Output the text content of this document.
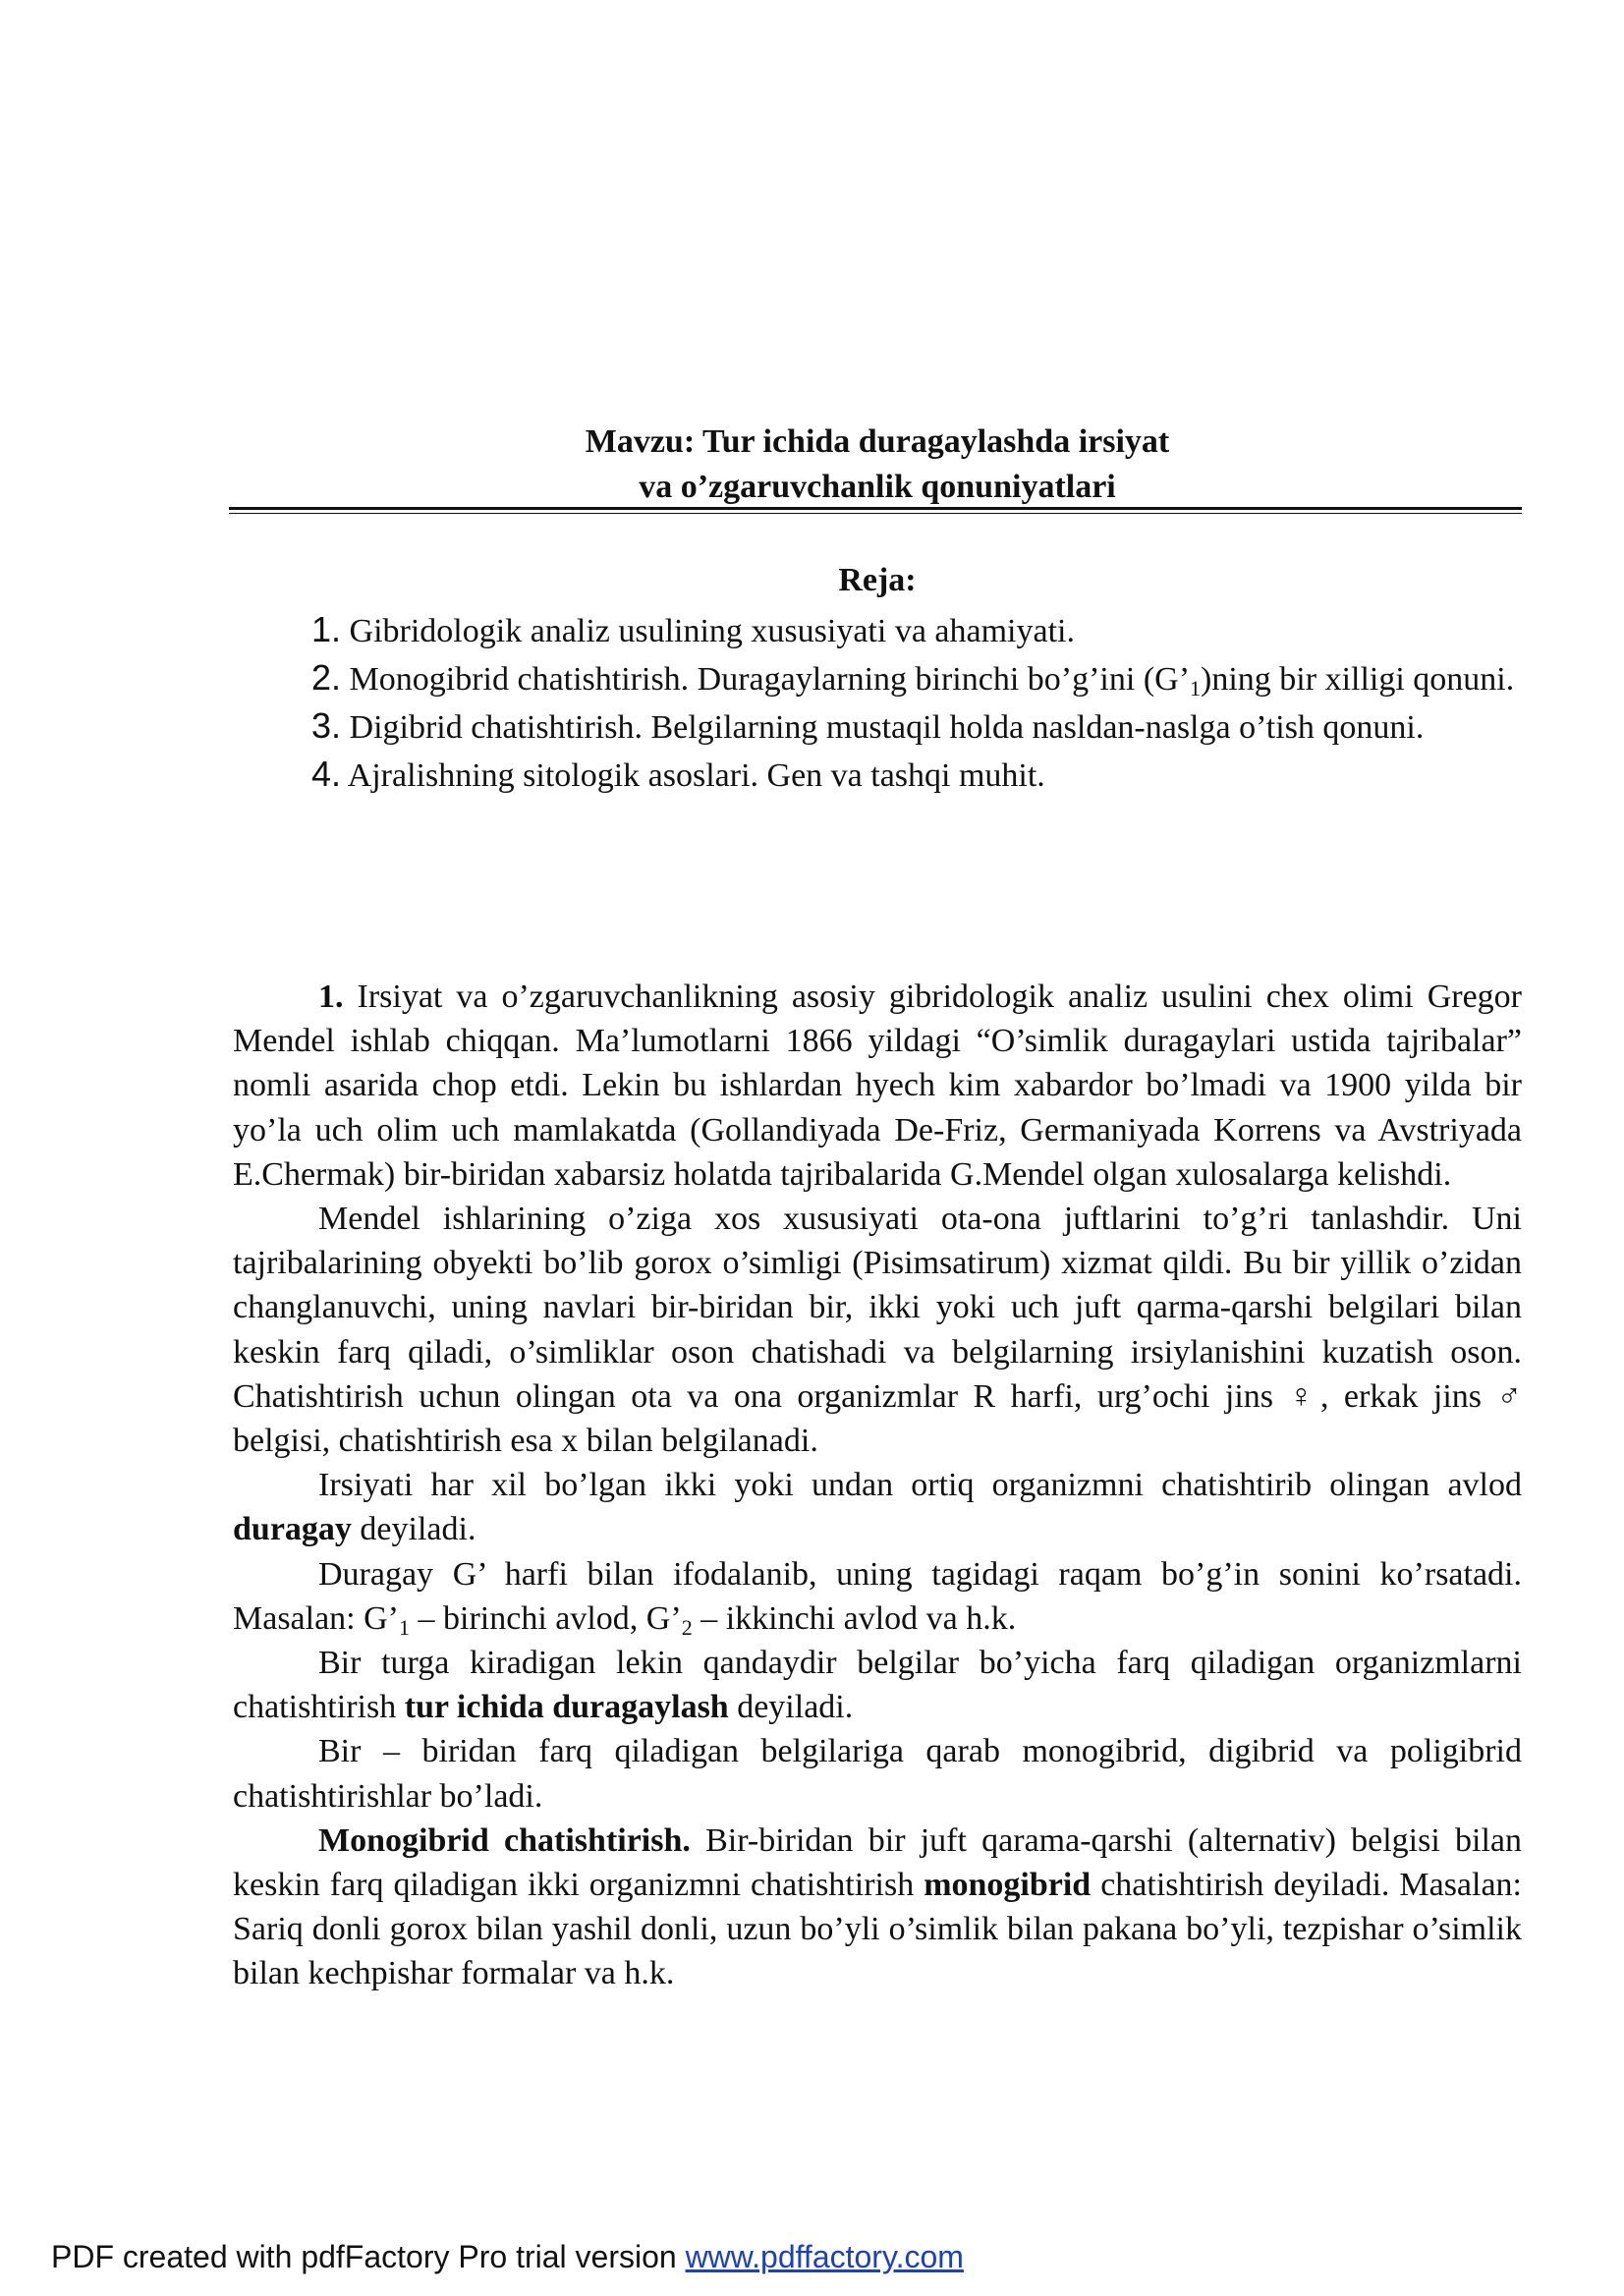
Mavzu: Tur ichida duragaylashda irsiyat
va o’zgaruvchanlik qonuniyatlari
Reja:
1. Gibridologik analiz usulining xususiyati va ahamiyati.
2. Monogibrid chatishtirish. Duragaylarning birinchi bo’g’ini $(G’_1)ning$ bir xilligi qonuni.
3. Digibrid chatishtirish. Belgilarning mustaqil holda nasldan-naslga o’tish qonuni.
4. Ajralishning sitologik asoslari. Gen va tashqi muhit.

1. Irsiyat va o’zgaruvchanlikning asosiy gibridologik analiz usulini chex olimi Gregor Mendel ishlab chiqqan. Ma’lumotlarni 1866 yildagi “O’simlik duragaylari ustida tajribalar” nomli asarida chop etdi. Lekin bu ishlardan hyech kim xabardor bo’lmadi va 1900 yilda bir yo’la uch olim uch mamlakatda (Gollandiyada De-Friz, Germaniyada Korrens va Avstriyada E.Chermak) bir-biridan xabarsiz holatda tajribalarida G.Mendel olgan xulosalarga kelishdi.

Mendel ishlarining o’ziga xos xususiyati ota-ona juftlarini to’g’ri tanlashdir. Uni tajribalarining obyekti bo’lib gorox o’simligi (Pisimsatirum) xizmat qildi. Bu bir yillik o’zidan changlanuvchi, uning navlari bir-biridan bir, ikki yoki uch juft qarma-qarshi belgilari bilan keskin farq qiladi, o’simliklar oson chatishadi va belgilarning irsiylanishini kuzatish oson. Chatishtirish uchun olingan ota va ona organizmlar R harfi, urg’ochi jins ♀, erkak jins ♂ belgisi, chatishtirish esa x bilan belgilanadi.

Irsiyati har xil bo’lgan ikki yoki undan ortiq organizmni chatishtirib olingan avlod duragay deyiladi.

Duragay G’ harfi bilan ifodalanib, uning tagidagi raqam bo’g’in sonini ko’rsatadi. Masalan: $G’_1$ – birinchi avlod, $G’_2$ – ikkinchi avlod va h.k.

Bir turga kiradigan lekin qandaydir belgilar bo’yicha farq qiladigan organizmlarni chatishtirish tur ichida duragaylash deyiladi.

Bir – biridan farq qiladigan belgilariga qarab monogibrid, digibrid va poligibrid chatishtirishlar bo’ladi.

Monogibrid chatishtirish. Bir-biridan bir juft qarama-qarshi (alternativ) belgisi bilan keskin farq qiladigan ikki organizmni chatishtirish monogibrid chatishtirish deyiladi. Masalan: Sariq donli gorox bilan yashil donli, uzun bo’yli o’simlik bilan pakana bo’yli, tezpishar o’simlik bilan kechpishar formalar va h.k.

PDF created with pdfFactory Pro trial version www.pdffactory.com
